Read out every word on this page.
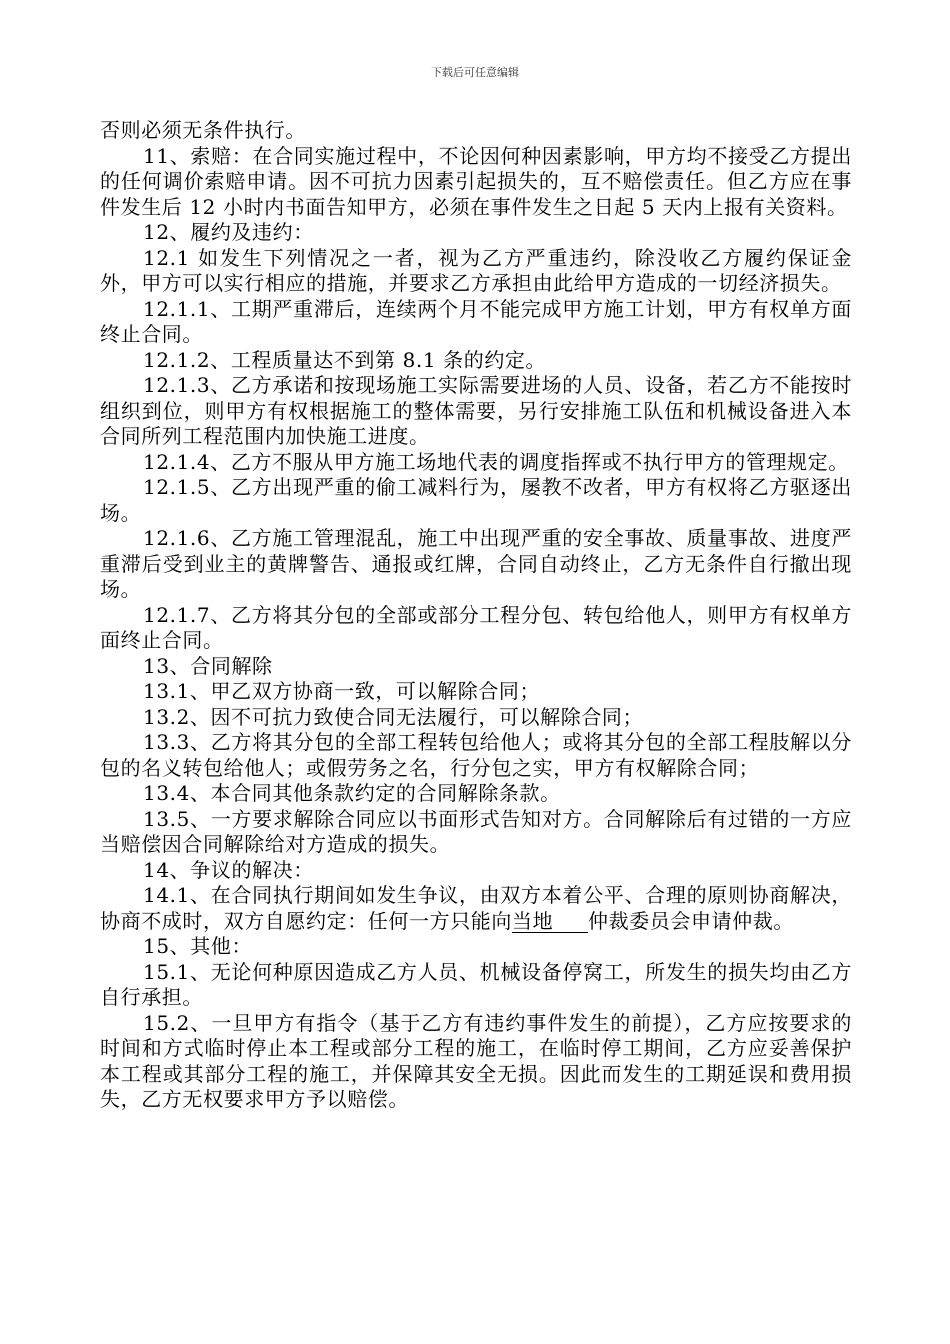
下载后可任意编辑

否则必须无条件执行。

11、索赔：在合同实施过程中，不论因何种因素影响，甲方均不接受乙方提出的任何调价索赔申请。因不可抗力因素引起损失的，互不赔偿责任。但乙方应在事件发生后 12 小时内书面告知甲方，必须在事件发生之日起 5 天内上报有关资料。

12、履约及违约：

12.1 如发生下列情况之一者，视为乙方严重违约，除没收乙方履约保证金外，甲方可以实行相应的措施，并要求乙方承担由此给甲方造成的一切经济损失。

12.1.1、工期严重滞后，连续两个月不能完成甲方施工计划，甲方有权单方面终止合同。

12.1.2、工程质量达不到第 8.1 条的约定。

12.1.3、乙方承诺和按现场施工实际需要进场的人员、设备，若乙方不能按时组织到位，则甲方有权根据施工的整体需要，另行安排施工队伍和机械设备进入本合同所列工程范围内加快施工进度。

12.1.4、乙方不服从甲方施工场地代表的调度指挥或不执行甲方的管理规定。

12.1.5、乙方出现严重的偷工减料行为，屡教不改者，甲方有权将乙方驱逐出场。

12.1.6、乙方施工管理混乱，施工中出现严重的安全事故、质量事故、进度严重滞后受到业主的黄牌警告、通报或红牌，合同自动终止，乙方无条件自行撤出现场。

12.1.7、乙方将其分包的全部或部分工程分包、转包给他人，则甲方有权单方面终止合同。

13、合同解除

13.1、甲乙双方协商一致，可以解除合同；

13.2、因不可抗力致使合同无法履行，可以解除合同；

13.3、乙方将其分包的全部工程转包给他人；或将其分包的全部工程肢解以分包的名义转包给他人；或假劳务之名，行分包之实，甲方有权解除合同；

13.4、本合同其他条款约定的合同解除条款。

13.5、一方要求解除合同应以书面形式告知对方。合同解除后有过错的一方应当赔偿因合同解除给对方造成的损失。

14、争议的解决：

14.1、在合同执行期间如发生争议，由双方本着公平、合理的原则协商解决，协商不成时，双方自愿约定：任何一方只能向当地 仲裁委员会申请仲裁。

15、其他：

15.1、无论何种原因造成乙方人员、机械设备停窝工，所发生的损失均由乙方自行承担。

15.2、一旦甲方有指令（基于乙方有违约事件发生的前提），乙方应按要求的时间和方式临时停止本工程或部分工程的施工，在临时停工期间，乙方应妥善保护本工程或其部分工程的施工，并保障其安全无损。因此而发生的工期延误和费用损失，乙方无权要求甲方予以赔偿。
